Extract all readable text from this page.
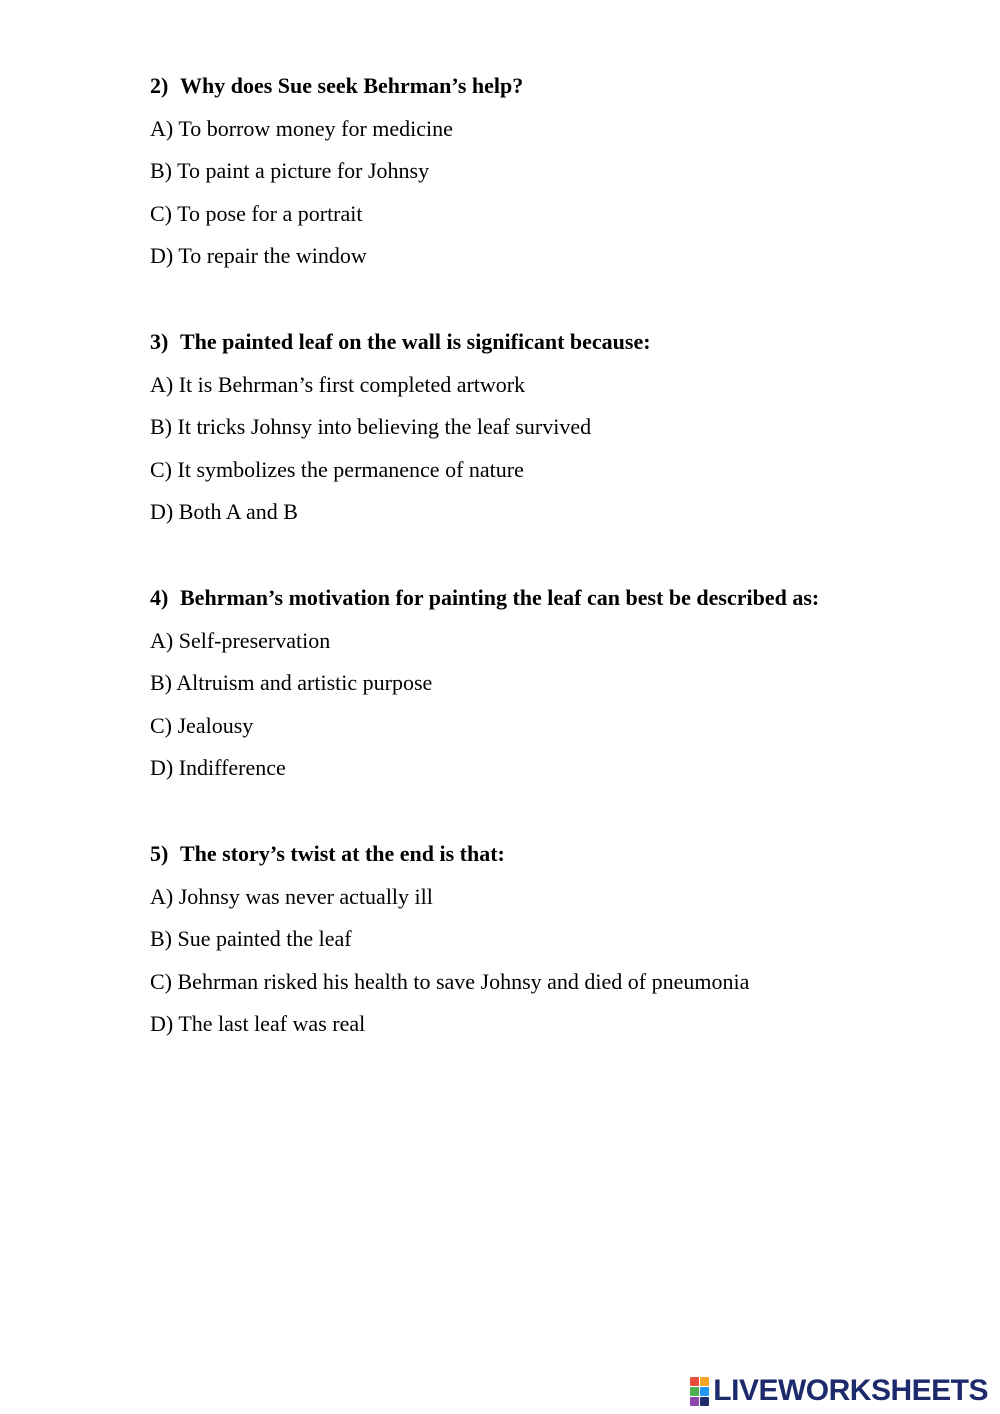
2) Why does Sue seek Behrman’s help?

A) To borrow money for medicine
B) To paint a picture for Johnsy
C) To pose for a portrait
D) To repair the window

3) The painted leaf on the wall is significant because:

A) It is Behrman’s first completed artwork
B) It tricks Johnsy into believing the leaf survived
C) It symbolizes the permanence of nature
D) Both A and B

4) Behrman’s motivation for painting the leaf can best be described as:

A) Self-preservation
B) Altruism and artistic purpose
C) Jealousy
D) Indifference

5) The story’s twist at the end is that:

A) Johnsy was never actually ill
B) Sue painted the leaf
C) Behrman risked his health to save Johnsy and died of pneumonia
D) The last leaf was real
LIVEWORKSHEETS
